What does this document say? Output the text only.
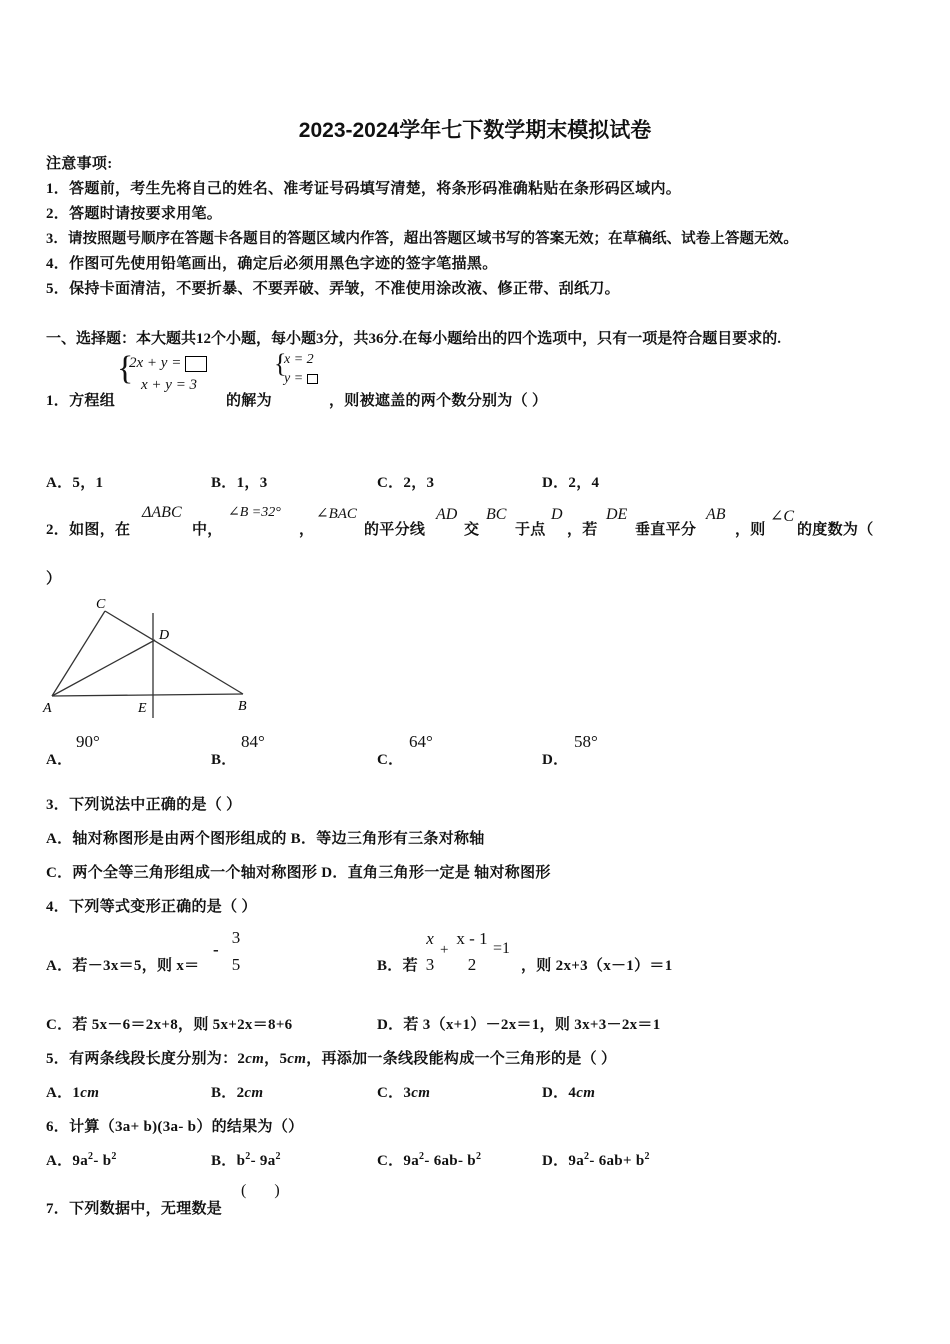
2023-2024学年七下数学期末模拟试卷
注意事项:
1．答题前，考生先将自己的姓名、准考证号码填写清楚，将条形码准确粘贴在条形码区域内。
2．答题时请按要求用笔。
3．请按照题号顺序在答题卡各题目的答题区域内作答，超出答题区域书写的答案无效；在草稿纸、试卷上答题无效。
4．作图可先使用铅笔画出，确定后必须用黑色字迹的签字笔描黑。
5．保持卡面清洁，不要折暴、不要弄破、弄皱，不准使用涂改液、修正带、刮纸刀。
一、选择题：本大题共12个小题，每小题3分，共36分.在每小题给出的四个选项中，只有一项是符合题目要求的.
1．方程组
{
2x + y =
x + y = 3
的解为
{
x = 2
y =
，则被遮盖的两个数分别为（ ）
A．5，1	B．1，3	C．2，3	D．2，4
2．如图，在
ΔABC
中，
∠B =32°
，
∠BAC
的平分线
AD
交
BC
于点
D
，若
DE
垂直平分
AB
，则
∠C
的度数为（
）
A	E	B
C
D
A．
90°
B．
84°
C．
64°
D．
58°
3．下列说法中正确的是（ ）
A．轴对称图形是由两个图形组成的 B．等边三角形有三条对称轴
C．两个全等三角形组成一个轴对称图形 D．直角三角形一定是 轴对称图形
4．下列等式变形正确的是（ ）
A．若－3x＝5，则 x＝
-
3
5	B．若
x
3
+
x - 1
2
=1
，则 2x+3（x－1）＝1
C．若 5x－6＝2x+8，则 5x+2x＝8+6	D．若 3（x+1）－2x＝1，则 3x+3－2x＝1
5．有两条线段长度分别为：2cm，5cm，再添加一条线段能构成一个三角形的是（ ）
A．1cm	B．2cm	C．3cm	D．4cm
6．计算（3a+ b)(3a- b）的结果为（）
A．$9a^2-$ $b^2$	B．$b^2-$ $9a^2$	C．$9a^2-$ 6ab- $b^2$	D．$9a^2-$ $6ab+ b^2$
7．下列数据中，无理数是
(       )
